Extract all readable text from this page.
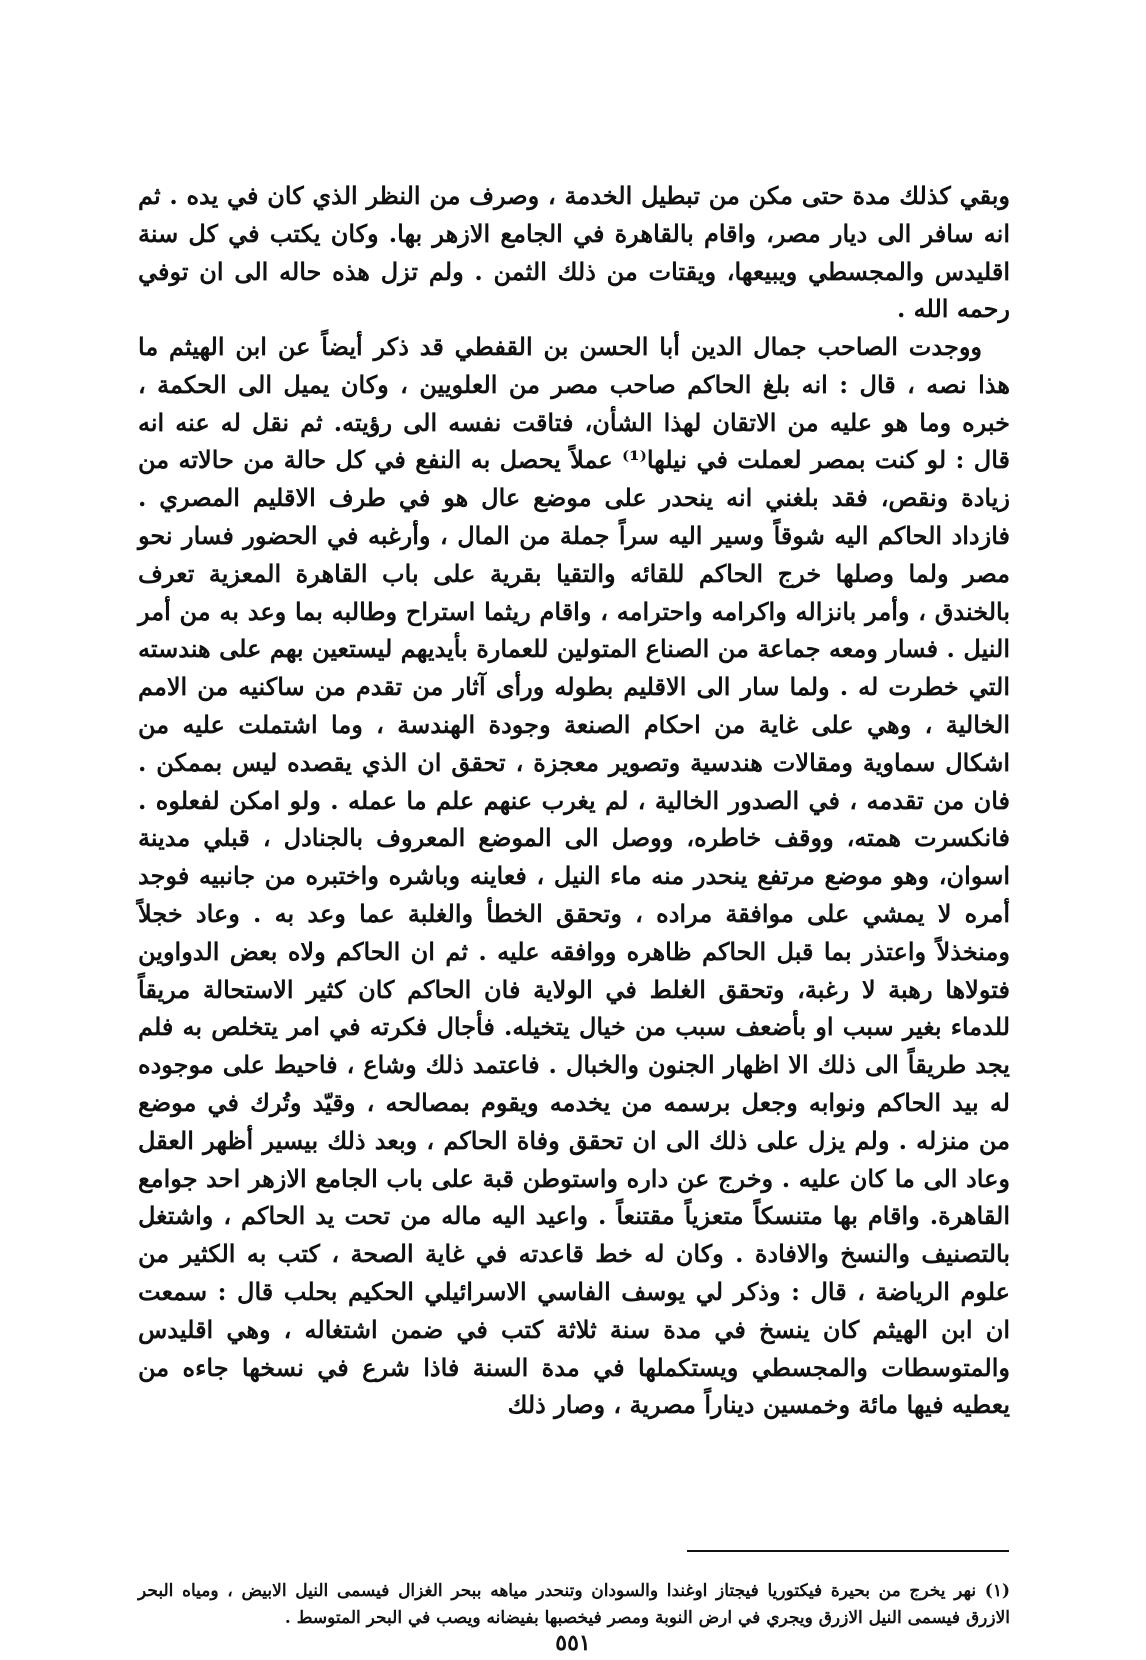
وبقي كذلك مدة حتى مكن من تبطيل الخدمة ، وصرف من النظر الذي كان في يده . ثم انه سافر الى ديار مصر، واقام بالقاهرة في الجامع الازهر بها. وكان يكتب في كل سنة اقليدس والمجسطي ويبيعها، ويقتات من ذلك الثمن . ولم تزل هذه حاله الى ان توفي رحمه الله .

ووجدت الصاحب جمال الدين أبا الحسن بن القفطي قد ذكر أيضاً عن ابن الهيثم ما هذا نصه ، قال : انه بلغ الحاكم صاحب مصر من العلويين ، وكان يميل الى الحكمة ، خبره وما هو عليه من الاتقان لهذا الشأن، فتاقت نفسه الى رؤيته. ثم نقل له عنه انه قال : لو كنت بمصر لعملت في نيلها⁽¹⁾ عملاً يحصل به النفع في كل حالة من حالاته من زيادة ونقص، فقد بلغني انه ينحدر على موضع عال هو في طرف الاقليم المصري . فازداد الحاكم اليه شوقاً وسير اليه سراً جملة من المال ، وأرغبه في الحضور فسار نحو مصر ولما وصلها خرج الحاكم للقائه والتقيا بقرية على باب القاهرة المعزية تعرف بالخندق ، وأمر بانزاله واكرامه واحترامه ، واقام ريثما استراح وطالبه بما وعد به من أمر النيل . فسار ومعه جماعة من الصناع المتولين للعمارة بأيديهم ليستعين بهم على هندسته التي خطرت له . ولما سار الى الاقليم بطوله ورأى آثار من تقدم من ساكنيه من الامم الخالية ، وهي على غاية من احكام الصنعة وجودة الهندسة ، وما اشتملت عليه من اشكال سماوية ومقالات هندسية وتصوير معجزة ، تحقق ان الذي يقصده ليس بممكن . فان من تقدمه ، في الصدور الخالية ، لم يغرب عنهم علم ما عمله . ولو امكن لفعلوه . فانكسرت همته، ووقف خاطره، ووصل الى الموضع المعروف بالجنادل ، قبلي مدينة اسوان، وهو موضع مرتفع ينحدر منه ماء النيل ، فعاينه وباشره واختبره من جانبيه فوجد أمره لا يمشي على موافقة مراده ، وتحقق الخطأ والغلبة عما وعد به . وعاد خجلاً ومنخذلاً واعتذر بما قبل الحاكم ظاهره ووافقه عليه . ثم ان الحاكم ولاه بعض الدواوين فتولاها رهبة لا رغبة، وتحقق الغلط في الولاية فان الحاكم كان كثير الاستحالة مريقاً للدماء بغير سبب او بأضعف سبب من خيال يتخيله. فأجال فكرته في امر يتخلص به فلم يجد طريقاً الى ذلك الا اظهار الجنون والخبال . فاعتمد ذلك وشاع ، فاحيط على موجوده له بيد الحاكم ونوابه وجعل برسمه من يخدمه ويقوم بمصالحه ، وقيّد وتُرك في موضع من منزله . ولم يزل على ذلك الى ان تحقق وفاة الحاكم ، وبعد ذلك بيسير أظهر العقل وعاد الى ما كان عليه . وخرج عن داره واستوطن قبة على باب الجامع الازهر احد جوامع القاهرة. واقام بها متنسكاً متعزياً مقتنعاً . واعيد اليه ماله من تحت يد الحاكم ، واشتغل بالتصنيف والنسخ والافادة . وكان له خط قاعدته في غاية الصحة ، كتب به الكثير من علوم الرياضة ، قال : وذكر لي يوسف الفاسي الاسرائيلي الحكيم بحلب قال : سمعت ان ابن الهيثم كان ينسخ في مدة سنة ثلاثة كتب في ضمن اشتغاله ، وهي اقليدس والمتوسطات والمجسطي ويستكملها في مدة السنة فاذا شرع في نسخها جاءه من يعطيه فيها مائة وخمسين ديناراً مصرية ، وصار ذلك

(١) نهر يخرج من بحيرة فيكتوريا فيجتاز اوغندا والسودان وتنحدر مياهه ببحر الغزال فيسمى النيل الابيض ، ومياه البحر الازرق فيسمى النيل الازرق ويجري في ارض النوبة ومصر فيخصبها بفيضانه ويصب في البحر المتوسط .

٥٥١
